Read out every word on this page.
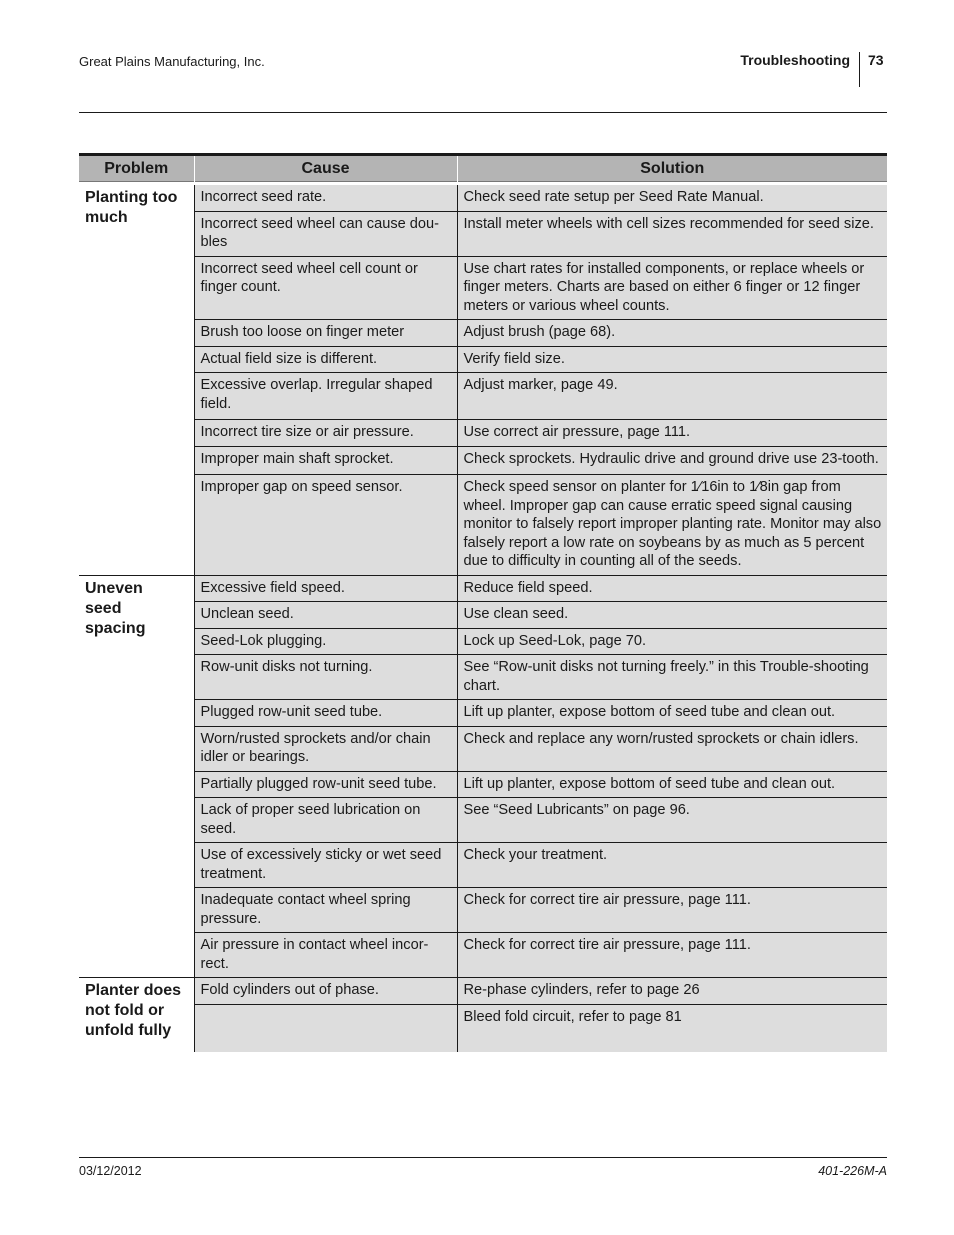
Great Plains Manufacturing, Inc.	Troubleshooting 73
Problem	Cause	Solution
Planting too much	Incorrect seed rate.	Check seed rate setup per Seed Rate Manual.
	Incorrect seed wheel can cause dou-bles	Install meter wheels with cell sizes recommended for seed size.
	Incorrect seed wheel cell count or finger count.	Use chart rates for installed components, or replace wheels or finger meters. Charts are based on either 6 finger or 12 finger meters or various wheel counts.
	Brush too loose on finger meter	Adjust brush (page 68).
	Actual field size is different.	Verify field size.
	Excessive overlap. Irregular shaped field.	Adjust marker, page 49.
	Incorrect tire size or air pressure.	Use correct air pressure, page 111.
	Improper main shaft sprocket.	Check sprockets. Hydraulic drive and ground drive use 23-tooth.
	Improper gap on speed sensor.	Check speed sensor on planter for 1⁄16in to 1⁄8in gap from wheel. Improper gap can cause erratic speed signal causing monitor to falsely report improper planting rate. Monitor may also falsely report a low rate on soybeans by as much as 5 percent due to difficulty in counting all of the seeds.

Uneven seed spacing	Excessive field speed.	Reduce field speed.
	Unclean seed.	Use clean seed.
	Seed-Lok plugging.	Lock up Seed-Lok, page 70.
	Row-unit disks not turning.	See “Row-unit disks not turning freely.” in this Trouble-shooting chart.
	Plugged row-unit seed tube.	Lift up planter, expose bottom of seed tube and clean out.
	Worn/rusted sprockets and/or chain idler or bearings.	Check and replace any worn/rusted sprockets or chain idlers.
	Partially plugged row-unit seed tube.	Lift up planter, expose bottom of seed tube and clean out.
	Lack of proper seed lubrication on seed.	See “Seed Lubricants” on page 96.
	Use of excessively sticky or wet seed treatment.	Check your treatment.
	Inadequate contact wheel spring pressure.	Check for correct tire air pressure, page 111.
	Air pressure in contact wheel incor-rect.	Check for correct tire air pressure, page 111.
Planter does not fold or unfold fully	Fold cylinders out of phase.	Re-phase cylinders, refer to page 26
		Bleed fold circuit, refer to page 81
03/12/2012	401-226M-A
